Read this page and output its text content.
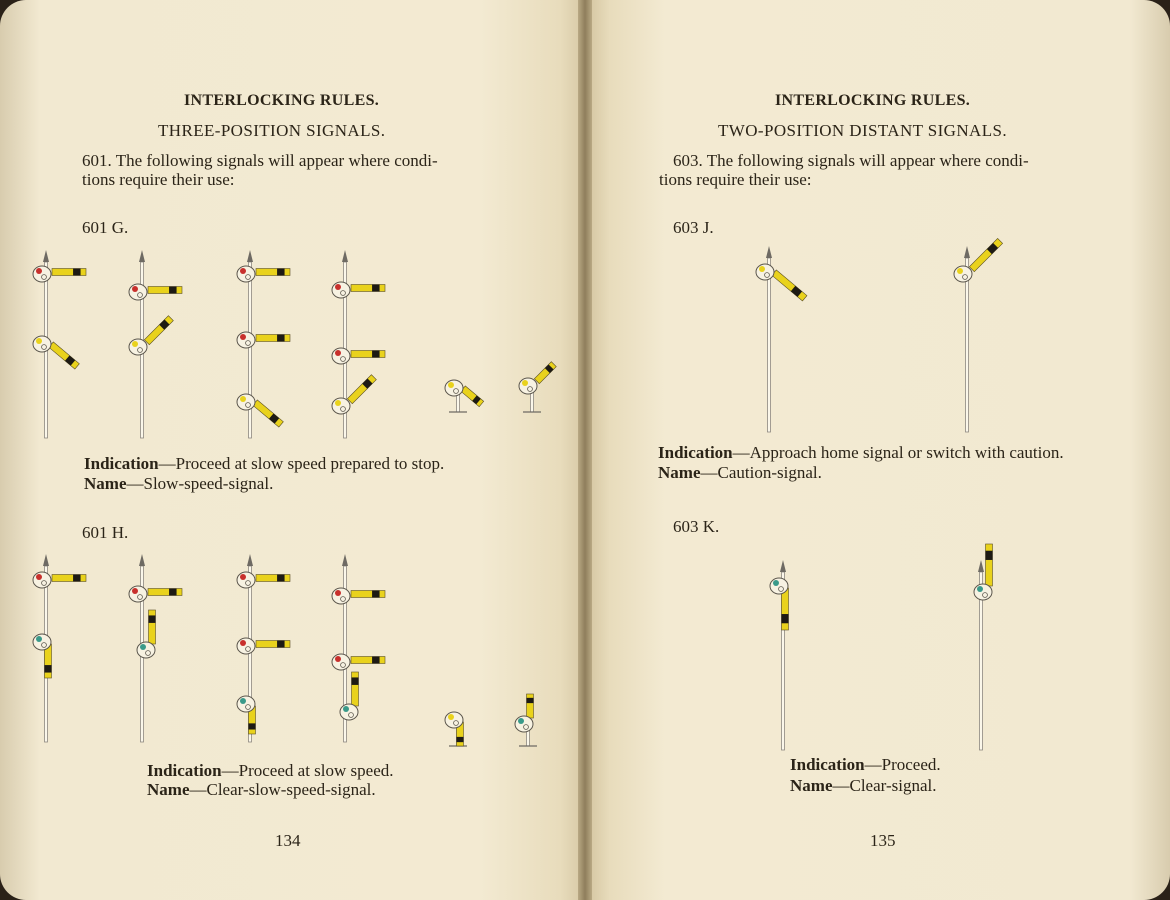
INTERLOCKING RULES.
THREE-POSITION SIGNALS.
601. The following signals will appear where condi-
tions require their use:
601 G.
Indication—Proceed at slow speed prepared to stop.
Name—Slow-speed-signal.
601 H.
Indication—Proceed at slow speed.
Name—Clear-slow-speed-signal.
134
INTERLOCKING RULES.
TWO-POSITION DISTANT SIGNALS.
603. The following signals will appear where condi-
tions require their use:
603 J.
Indication—Approach home signal or switch with caution.
Name—Caution-signal.
603 K.
Indication—Proceed.
Name—Clear-signal.
135
